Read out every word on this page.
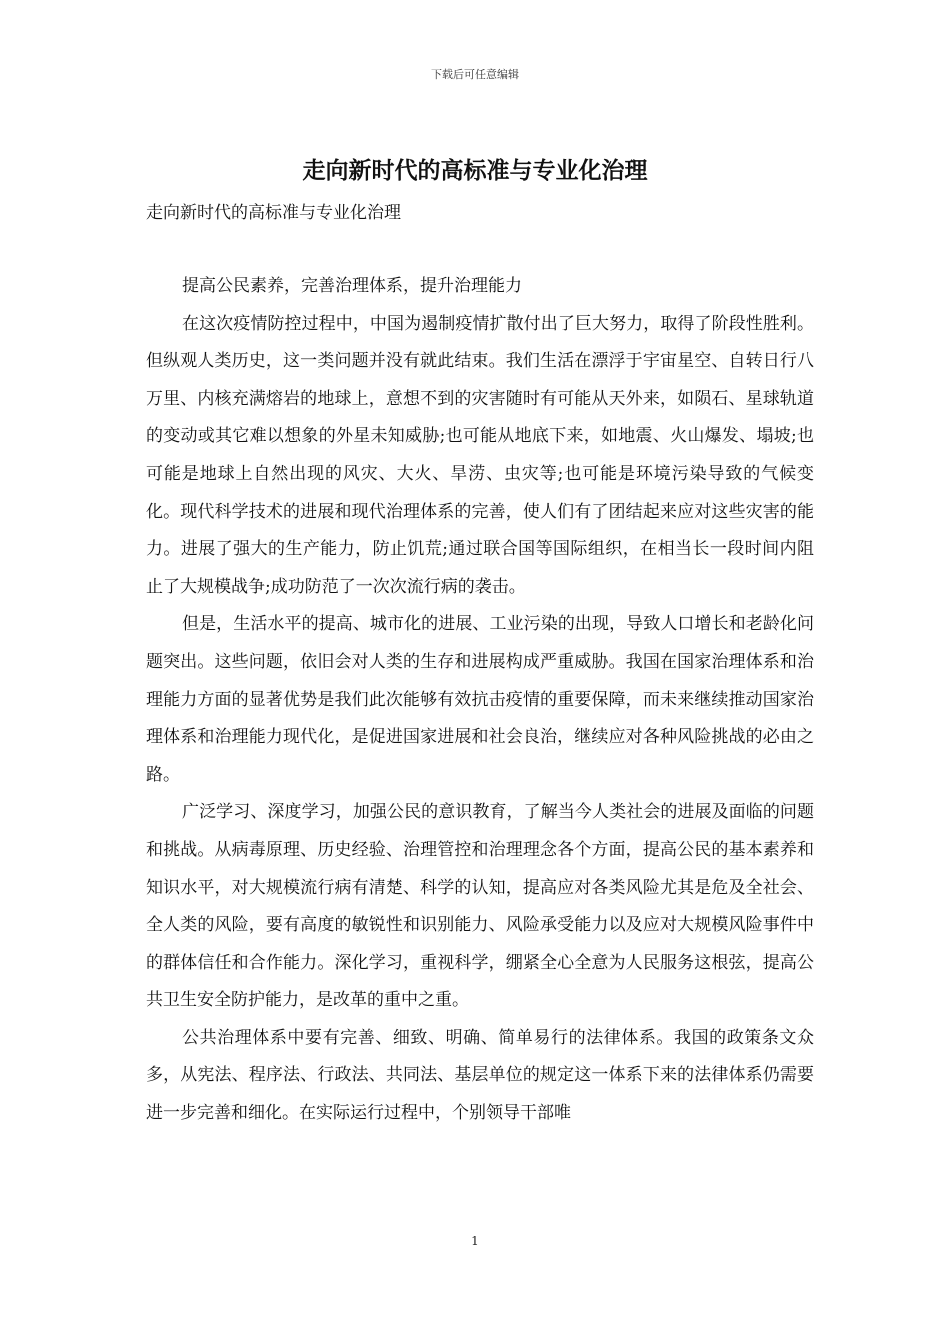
下载后可任意编辑
走向新时代的高标准与专业化治理

走向新时代的高标准与专业化治理

提高公民素养，完善治理体系，提升治理能力

在这次疫情防控过程中，中国为遏制疫情扩散付出了巨大努力，取得了阶段性胜利。但纵观人类历史，这一类问题并没有就此结束。我们生活在漂浮于宇宙星空、自转日行八万里、内核充满熔岩的地球上，意想不到的灾害随时有可能从天外来，如陨石、星球轨道的变动或其它难以想象的外星未知威胁;也可能从地底下来，如地震、火山爆发、塌坡;也可能是地球上自然出现的风灾、大火、旱涝、虫灾等;也可能是环境污染导致的气候变化。现代科学技术的进展和现代治理体系的完善，使人们有了团结起来应对这些灾害的能力。进展了强大的生产能力，防止饥荒;通过联合国等国际组织，在相当长一段时间内阻止了大规模战争;成功防范了一次次流行病的袭击。

但是，生活水平的提高、城市化的进展、工业污染的出现，导致人口增长和老龄化问题突出。这些问题，依旧会对人类的生存和进展构成严重威胁。我国在国家治理体系和治理能力方面的显著优势是我们此次能够有效抗击疫情的重要保障，而未来继续推动国家治理体系和治理能力现代化，是促进国家进展和社会良治，继续应对各种风险挑战的必由之路。

广泛学习、深度学习，加强公民的意识教育，了解当今人类社会的进展及面临的问题和挑战。从病毒原理、历史经验、治理管控和治理理念各个方面，提高公民的基本素养和知识水平，对大规模流行病有清楚、科学的认知，提高应对各类风险尤其是危及全社会、全人类的风险，要有高度的敏锐性和识别能力、风险承受能力以及应对大规模风险事件中的群体信任和合作能力。深化学习，重视科学，绷紧全心全意为人民服务这根弦，提高公共卫生安全防护能力，是改革的重中之重。

公共治理体系中要有完善、细致、明确、简单易行的法律体系。我国的政策条文众多，从宪法、程序法、行政法、共同法、基层单位的规定这一体系下来的法律体系仍需要进一步完善和细化。在实际运行过程中，个别领导干部唯

1
